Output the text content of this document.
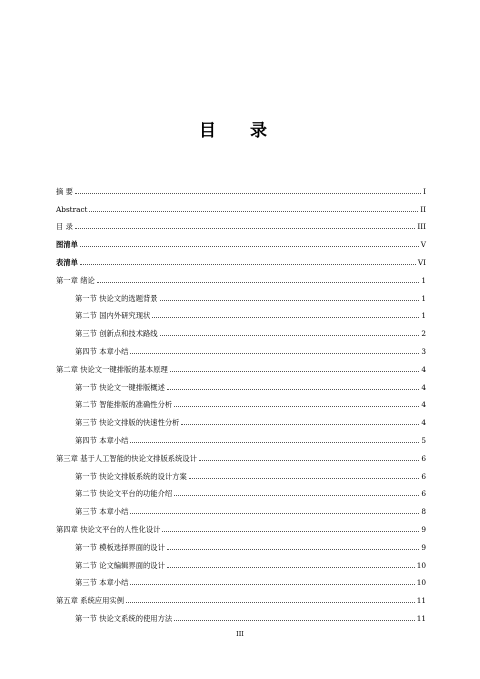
目 录
摘 要	I
Abstract	II
目 录	III
图清单	V
表清单	VI
第一章 绪论	1
第一节 快论文的选题背景	1
第二节 国内外研究现状	1
第三节 创新点和技术路线	2
第四节 本章小结	3
第二章 快论文一键排版的基本原理	4
第一节 快论文一键排版概述	4
第二节 智能排版的准确性分析	4
第三节 快论文排版的快速性分析	4
第四节 本章小结	5
第三章 基于人工智能的快论文排版系统设计	6
第一节 快论文排版系统的设计方案	6
第二节 快论文平台的功能介绍	6
第三节 本章小结	8
第四章 快论文平台的人性化设计	9
第一节 模板选择界面的设计	9
第二节 论文编辑界面的设计	10
第三节 本章小结	10
第五章 系统应用实例	11
第一节 快论文系统的使用方法	11
III
